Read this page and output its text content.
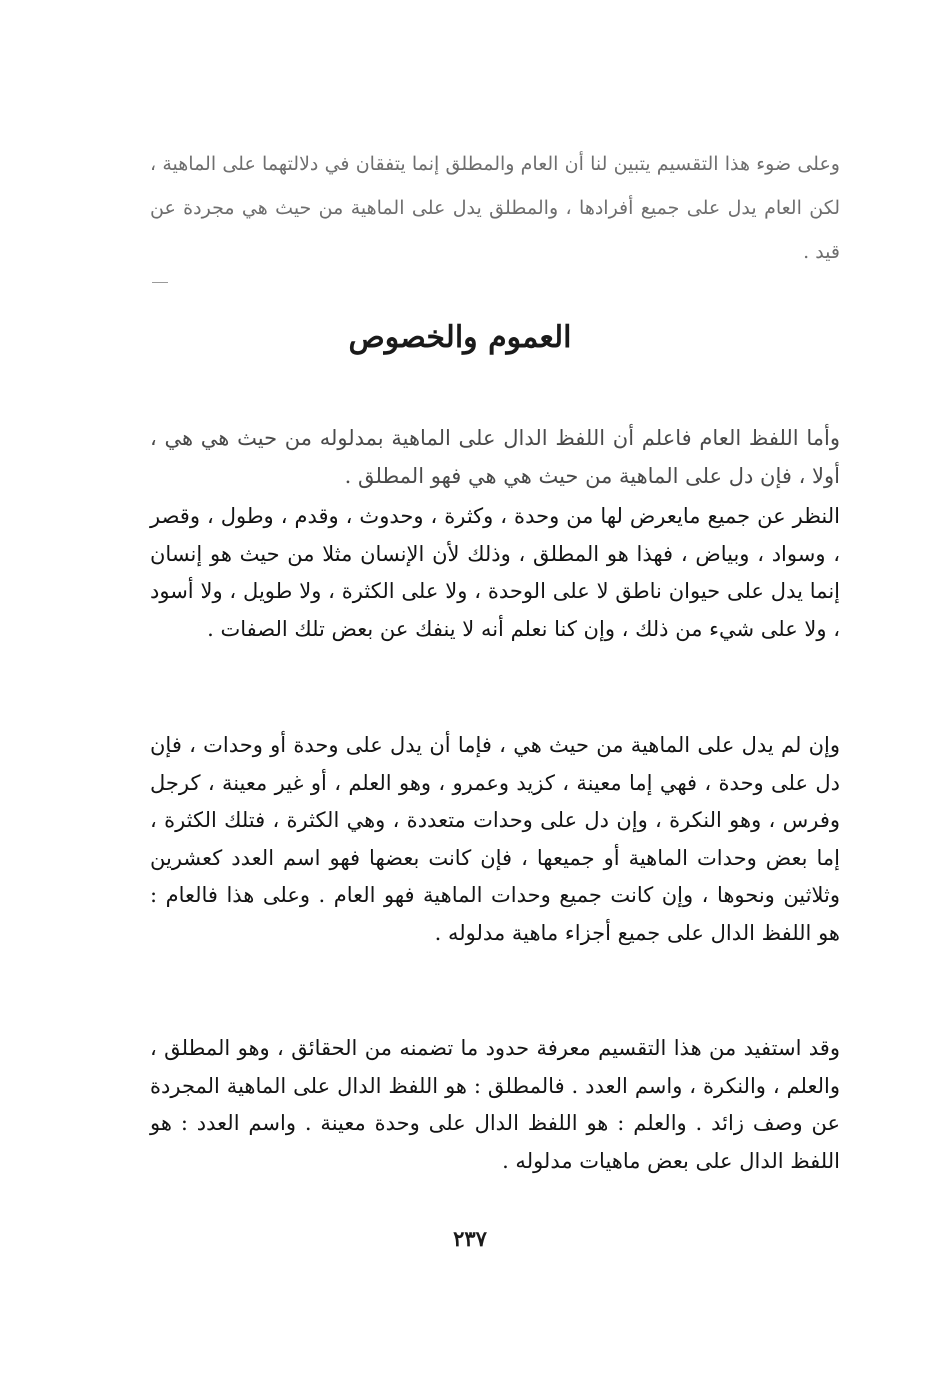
وعلى ضوء هذا التقسيم يتبين لنا أن العام والمطلق إنما يتفقان في دلالتهما على الماهية ، لكن العام يدل على جميع أفرادها ، والمطلق يدل على الماهية من حيث هي مجردة عن قيد .

العموم والخصوص

وأما اللفظ العام فاعلم أن اللفظ الدال على الماهية بمدلوله من حيث هي هي ، أولا ، فإن دل على الماهية من حيث هي هي فهو المطلق .

النظر عن جميع مايعرض لها من وحدة ، وكثرة ، وحدوث ، وقدم ، وطول ، وقصر ، وسواد ، وبياض ، فهذا هو المطلق ، وذلك لأن الإنسان مثلا من حيث هو إنسان إنما يدل على حيوان ناطق لا على الوحدة ، ولا على الكثرة ، ولا طويل ، ولا أسود ، ولا على شيء من ذلك ، وإن كنا نعلم أنه لا ينفك عن بعض تلك الصفات .

وإن لم يدل على الماهية من حيث هي ، فإما أن يدل على وحدة أو وحدات ، فإن دل على وحدة ، فهي إما معينة ، كزيد وعمرو ، وهو العلم ، أو غير معينة ، كرجل وفرس ، وهو النكرة ، وإن دل على وحدات متعددة ، وهي الكثرة ، فتلك الكثرة ، إما بعض وحدات الماهية أو جميعها ، فإن كانت بعضها فهو اسم العدد كعشرين وثلاثين ونحوها ، وإن كانت جميع وحدات الماهية فهو العام . وعلى هذا فالعام : هو اللفظ الدال على جميع أجزاء ماهية مدلوله .

وقد استفيد من هذا التقسيم معرفة حدود ما تضمنه من الحقائق ، وهو المطلق ، والعلم ، والنكرة ، واسم العدد . فالمطلق : هو اللفظ الدال على الماهية المجردة عن وصف زائد . والعلم : هو اللفظ الدال على وحدة معينة . واسم العدد : هو اللفظ الدال على بعض ماهيات مدلوله .

٢٣٧
